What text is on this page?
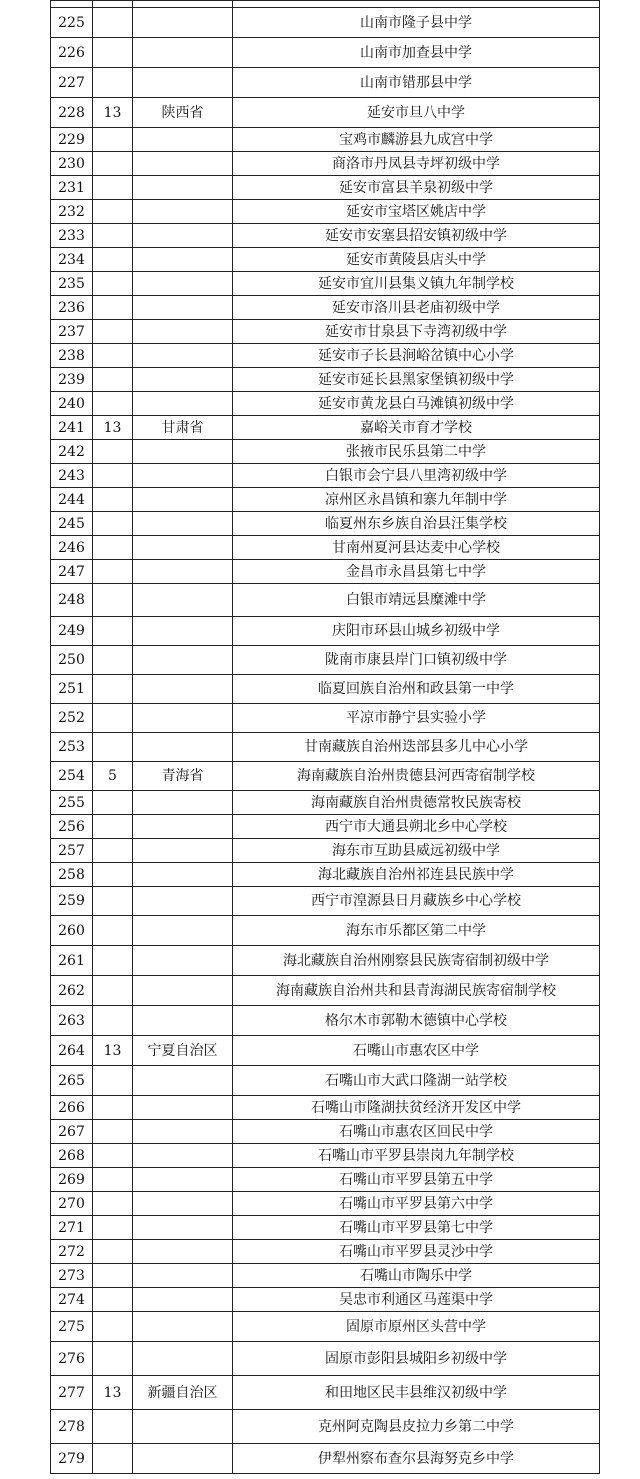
225			山南市隆子县中学
226			山南市加查县中学
227			山南市错那县中学
228	13	陕西省	延安市旦八中学
229			宝鸡市麟游县九成宫中学
230			商洛市丹凤县寺坪初级中学
231			延安市富县羊泉初级中学
232			延安市宝塔区姚店中学
233			延安市安塞县招安镇初级中学
234			延安市黄陵县店头中学
235			延安市宜川县集义镇九年制学校
236			延安市洛川县老庙初级中学
237			延安市甘泉县下寺湾初级中学
238			延安市子长县涧峪岔镇中心小学
239			延安市延长县黑家堡镇初级中学
240			延安市黄龙县白马滩镇初级中学
241	13	甘肃省	嘉峪关市育才学校
242			张掖市民乐县第二中学
243			白银市会宁县八里湾初级中学
244			凉州区永昌镇和寨九年制中学
245			临夏州东乡族自治县汪集学校
246			甘南州夏河县达麦中心学校
247			金昌市永昌县第七中学
248			白银市靖远县糜滩中学
249			庆阳市环县山城乡初级中学
250			陇南市康县岸门口镇初级中学
251			临夏回族自治州和政县第一中学
252			平凉市静宁县实验小学
253			甘南藏族自治州迭部县多儿中心小学
254	5	青海省	海南藏族自治州贵德县河西寄宿制学校
255			海南藏族自治州贵德常牧民族寄校
256			西宁市大通县朔北乡中心学校
257			海东市互助县威远初级中学
258			海北藏族自治州祁连县民族中学
259			西宁市湟源县日月藏族乡中心学校
260			海东市乐都区第二中学
261			海北藏族自治州刚察县民族寄宿制初级中学
262			海南藏族自治州共和县青海湖民族寄宿制学校
263			格尔木市郭勒木德镇中心学校
264	13	宁夏自治区	石嘴山市惠农区中学
265			石嘴山市大武口隆湖一站学校
266			石嘴山市隆湖扶贫经济开发区中学
267			石嘴山市惠农区回民中学
268			石嘴山市平罗县崇岗九年制学校
269			石嘴山市平罗县第五中学
270			石嘴山市平罗县第六中学
271			石嘴山市平罗县第七中学
272			石嘴山市平罗县灵沙中学
273			石嘴山市陶乐中学
274			吴忠市利通区马莲渠中学
275			固原市原州区头营中学
276			固原市彭阳县城阳乡初级中学
277	13	新疆自治区	和田地区民丰县维汉初级中学
278			克州阿克陶县皮拉力乡第二中学
279			伊犁州察布查尔县海努克乡中学
